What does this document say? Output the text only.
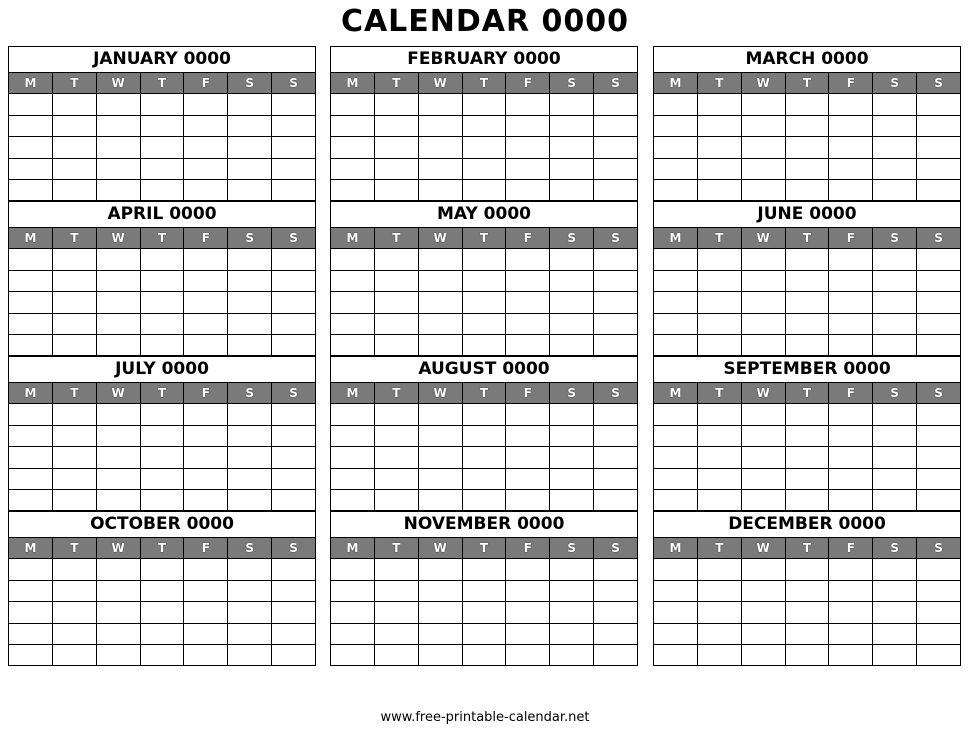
CALENDAR 0000
JANUARY 0000
M	T	W	T	F	S	S
FEBRUARY 0000
M	T	W	T	F	S	S
MARCH 0000
M	T	W	T	F	S	S
APRIL 0000
M	T	W	T	F	S	S
MAY 0000
M	T	W	T	F	S	S
JUNE 0000
M	T	W	T	F	S	S
JULY 0000
M	T	W	T	F	S	S
AUGUST 0000
M	T	W	T	F	S	S
SEPTEMBER 0000
M	T	W	T	F	S	S
OCTOBER 0000
M	T	W	T	F	S	S
NOVEMBER 0000
M	T	W	T	F	S	S
DECEMBER 0000
M	T	W	T	F	S	S
www.free-printable-calendar.net
